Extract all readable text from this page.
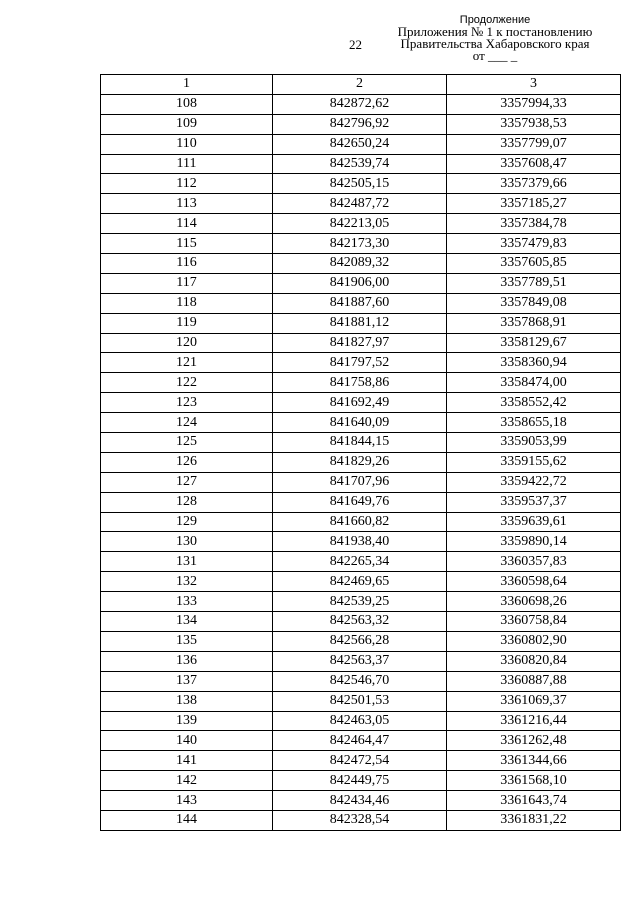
22
Продолжение
Приложения № 1 к постановлению
Правительства Хабаровского края
от ___ _
1	2	3
108	842872,62	3357994,33
109	842796,92	3357938,53
110	842650,24	3357799,07
111	842539,74	3357608,47
112	842505,15	3357379,66
113	842487,72	3357185,27
114	842213,05	3357384,78
115	842173,30	3357479,83
116	842089,32	3357605,85
117	841906,00	3357789,51
118	841887,60	3357849,08
119	841881,12	3357868,91
120	841827,97	3358129,67
121	841797,52	3358360,94
122	841758,86	3358474,00
123	841692,49	3358552,42
124	841640,09	3358655,18
125	841844,15	3359053,99
126	841829,26	3359155,62
127	841707,96	3359422,72
128	841649,76	3359537,37
129	841660,82	3359639,61
130	841938,40	3359890,14
131	842265,34	3360357,83
132	842469,65	3360598,64
133	842539,25	3360698,26
134	842563,32	3360758,84
135	842566,28	3360802,90
136	842563,37	3360820,84
137	842546,70	3360887,88
138	842501,53	3361069,37
139	842463,05	3361216,44
140	842464,47	3361262,48
141	842472,54	3361344,66
142	842449,75	3361568,10
143	842434,46	3361643,74
144	842328,54	3361831,22
